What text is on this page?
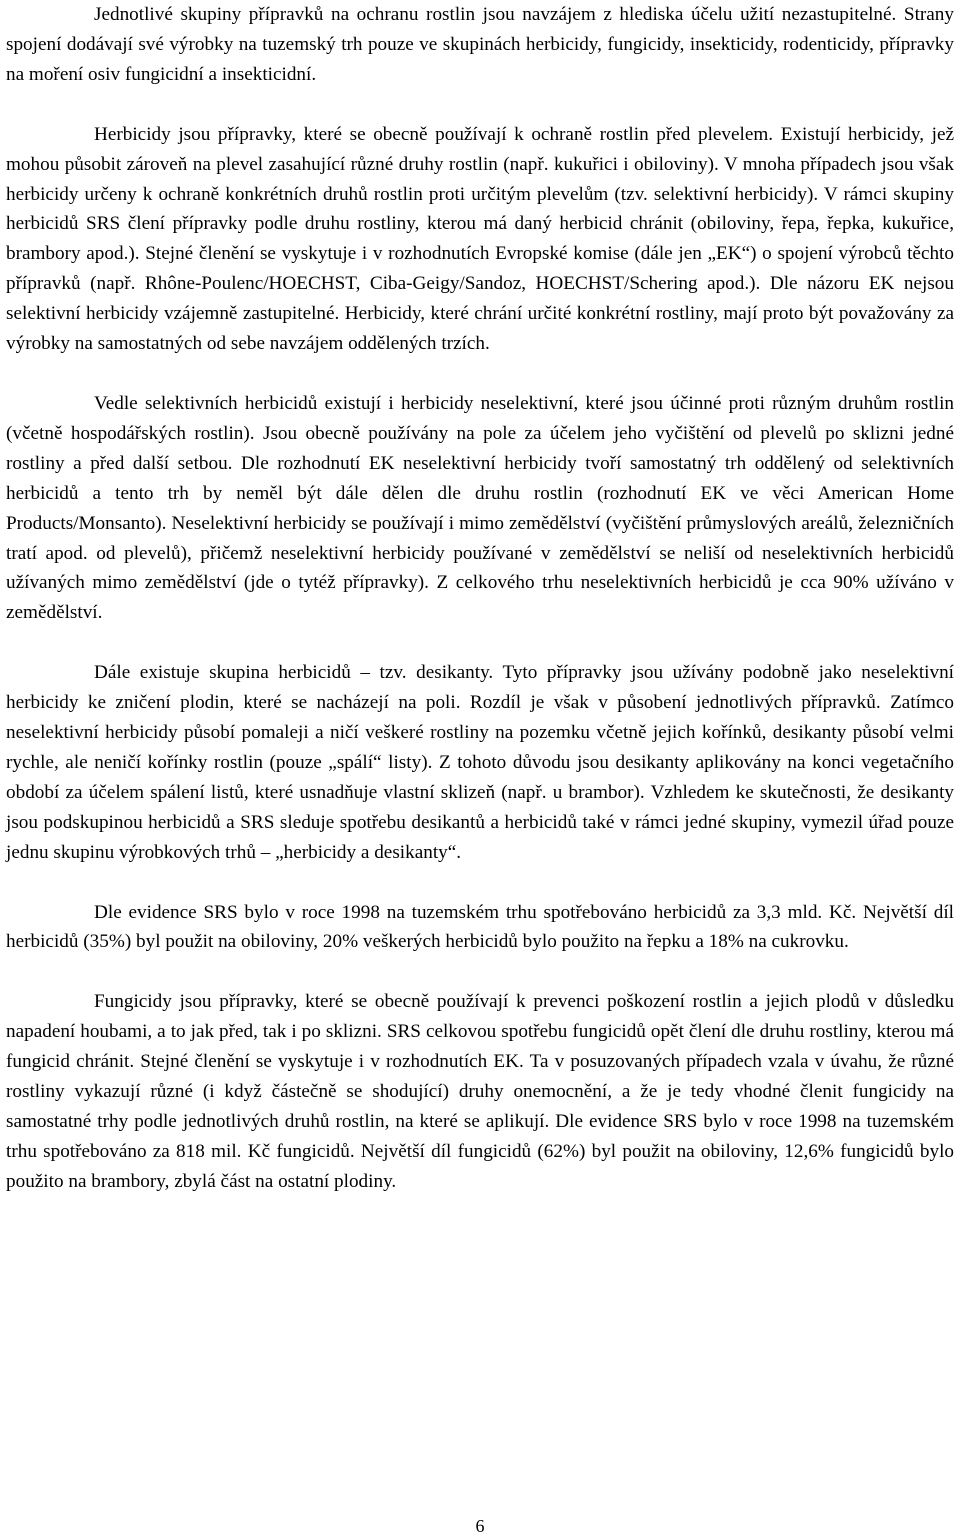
Jednotlivé skupiny přípravků na ochranu rostlin jsou navzájem z hlediska účelu užití nezastupitelné. Strany spojení dodávají své výrobky na tuzemský trh pouze ve skupinách herbicidy, fungicidy, insekticidy, rodenticidy, přípravky na moření osiv fungicidní a insekticidní.

Herbicidy jsou přípravky, které se obecně používají k ochraně rostlin před plevelem. Existují herbicidy, jež mohou působit zároveň na plevel zasahující různé druhy rostlin (např. kukuřici i obiloviny). V mnoha případech jsou však herbicidy určeny k ochraně konkrétních druhů rostlin proti určitým plevelům (tzv. selektivní herbicidy). V rámci skupiny herbicidů SRS člení přípravky podle druhu rostliny, kterou má daný herbicid chránit (obiloviny, řepa, řepka, kukuřice, brambory apod.). Stejné členění se vyskytuje i v rozhodnutích Evropské komise (dále jen „EK“) o spojení výrobců těchto přípravků (např. Rhône-Poulenc/HOECHST, Ciba-Geigy/Sandoz, HOECHST/Schering apod.). Dle názoru EK nejsou selektivní herbicidy vzájemně zastupitelné. Herbicidy, které chrání určité konkrétní rostliny, mají proto být považovány za výrobky na samostatných od sebe navzájem oddělených trzích.

Vedle selektivních herbicidů existují i herbicidy neselektivní, které jsou účinné proti různým druhům rostlin (včetně hospodářských rostlin). Jsou obecně používány na pole za účelem jeho vyčištění od plevelů po sklizni jedné rostliny a před další setbou. Dle rozhodnutí EK neselektivní herbicidy tvoří samostatný trh oddělený od selektivních herbicidů a tento trh by neměl být dále dělen dle druhu rostlin (rozhodnutí EK ve věci American Home Products/Monsanto). Neselektivní herbicidy se používají i mimo zemědělství (vyčištění průmyslových areálů, železničních tratí apod. od plevelů), přičemž neselektivní herbicidy používané v zemědělství se neliší od neselektivních herbicidů užívaných mimo zemědělství (jde o tytéž přípravky). Z celkového trhu neselektivních herbicidů je cca 90% užíváno v zemědělství.

Dále existuje skupina herbicidů – tzv. desikanty. Tyto přípravky jsou užívány podobně jako neselektivní herbicidy ke zničení plodin, které se nacházejí na poli. Rozdíl je však v působení jednotlivých přípravků. Zatímco neselektivní herbicidy působí pomaleji a ničí veškeré rostliny na pozemku včetně jejich kořínků, desikanty působí velmi rychle, ale neničí kořínky rostlin (pouze „spálí“ listy). Z tohoto důvodu jsou desikanty aplikovány na konci vegetačního období za účelem spálení listů, které usnadňuje vlastní sklizeň (např. u brambor). Vzhledem ke skutečnosti, že desikanty jsou podskupinou herbicidů a SRS sleduje spotřebu desikantů a herbicidů také v rámci jedné skupiny, vymezil úřad pouze jednu skupinu výrobkových trhů – „herbicidy a desikanty“.

Dle evidence SRS bylo v roce 1998 na tuzemském trhu spotřebováno herbicidů za 3,3 mld. Kč. Největší díl herbicidů (35%) byl použit na obiloviny, 20% veškerých herbicidů bylo použito na řepku a 18% na cukrovku.

Fungicidy jsou přípravky, které se obecně používají k prevenci poškození rostlin a jejich plodů v důsledku napadení houbami, a to jak před, tak i po sklizni. SRS celkovou spotřebu fungicidů opět člení dle druhu rostliny, kterou má fungicid chránit. Stejné členění se vyskytuje i v rozhodnutích EK. Ta v posuzovaných případech vzala v úvahu, že různé rostliny vykazují různé (i když částečně se shodující) druhy onemocnění, a že je tedy vhodné členit fungicidy na samostatné trhy podle jednotlivých druhů rostlin, na které se aplikují. Dle evidence SRS bylo v roce 1998 na tuzemském trhu spotřebováno za 818 mil. Kč fungicidů. Největší díl fungicidů (62%) byl použit na obiloviny, 12,6% fungicidů bylo použito na brambory, zbylá část na ostatní plodiny.

6
